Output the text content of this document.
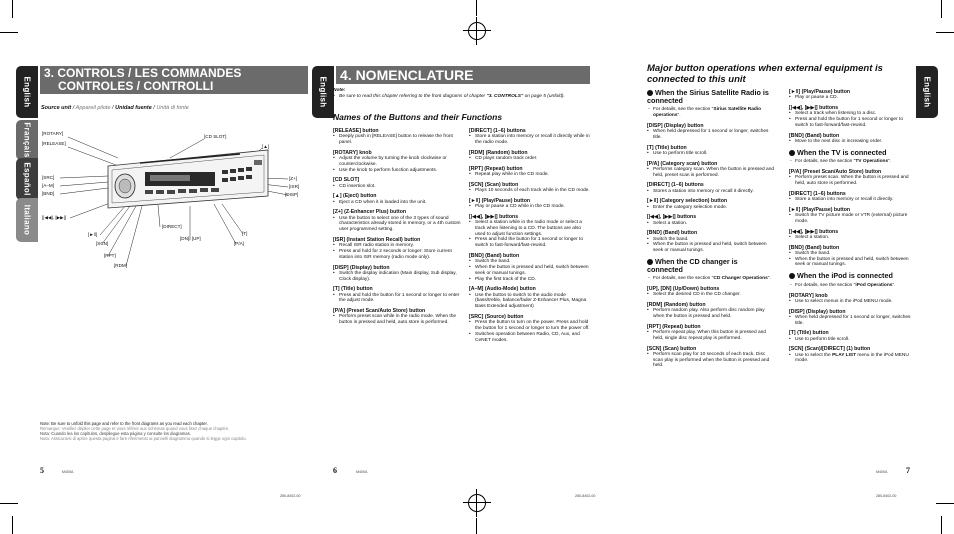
English
Français
Español
Italiano
3. CONTROLS / LES COMMANDES
CONTROLES / CONTROLLI
Source unit / Appareil pilote / Unidad fuente / Unità di fonte
[ROTARY]
[RELEASE]
[CD SLOT]
[▲]
[SRC]
[A–M]
[BND]
[Z+]
[ISR]
[DISP]
[|◀◀], [▶▶|]
[DIRECT]
[►‖]
[SCN]
[RPT]
[RDM]
[DN], [UP]
[T]
[P/A]
Note: Be sure to unfold this page and refer to the front diagrams as you read each chapter.
Remarque: Veuillez déplier cette page et vous référer aux schémas quand vous lisez chaque chapitre.
Nota: Cuando lea los capítulos, despliegue esta página y consulte los diagramas.
Nota: Assicurarsi di aprire questa pagina e fare riferimento ai pannelli diagramma quando si legge ogni capitolo.
5	M400A
280-8402-00
English
4. NOMENCLATURE
Note:
• Be sure to read this chapter referring to the front diagrams of chapter "3. CONTROLS" on page 5 (unfold).
Names of the Buttons and their Functions
[RELEASE] button
• Deeply push in [RELEASE] button to release the front panel.
[ROTARY] knob
• Adjust the volume by turning the knob clockwise or counterclockwise.
• Use the knob to perform function adjustments.
[CD SLOT]
• CD insertion slot.
[▲] (Eject) button
• Eject a CD when it is loaded into the unit.
[Z+] (Z-Enhancer Plus) button
• Use the button to select one of the 3 types of sound characteristics already stored in memory, or a 4th custom user programmed setting.
[ISR] (Instant Station Recall) button
• Recall ISR radio station in memory.
• Press and hold for 2 seconds or longer: Store current station into ISR memory (radio mode only).
[DISP] (Display) button
• Switch the display indication (Main display, Sub display, Clock display).
[T] (Title) button
• Press and hold the button for 1 second or longer to enter the adjust mode.
[P/A] (Preset Scan/Auto Store) button
• Perform preset scan while in the radio mode. When the button is pressed and held, auto store is performed.
[DIRECT] (1–6) buttons
• Store a station into memory or recall it directly while in the radio mode.
[RDM] (Random) button
• CD plays random track order.
[RPT] (Repeat) button
• Repeat play while in the CD mode.
[SCN] (Scan) button
• Plays 10 seconds of each track while in the CD mode.
[►‖] (Play/Pause) button
• Play or pause a CD while in the CD mode.
[|◀◀], [▶▶|] buttons
• Select a station while in the radio mode or select a track when listening to a CD. The buttons are also used to adjust function settings.
• Press and hold the button for 1 second or longer to switch to fast-forward/fast-rewind.
[BND] (Band) button
• Switch the band.
• When the button is pressed and held, switch between seek or manual tunings.
• Play the first track of the CD.
[A–M] (Audio-Mode) button
• Use the button to switch to the audio mode (bass/treble, balance/fader Z-Enhancer Plus, Magna Bass Extended adjustment)
[SRC] (Source) button
• Press the button to turn on the power. Press and hold the button for 1 second or longer to turn the power off.
• Switches operation between Radio, CD, Aux, and CeNET modes.
6	M400A
280-8402-00
Major button operations when external equipment is connected to this unit	English
When the Sirius Satellite Radio is connected
◦ For details, see the section "Sirius Satellite Radio operations".
[DISP] (Display) button
• When held depressed for 1 second or longer, switches title.
[T] (Title) button
• Use to perform title scroll.
[P/A] (Category scan) button
• Performs category scan. When the button is pressed and held, preset scan is performed.
[DIRECT] (1–6) buttons
• Stores a station into memory or recall it directly.
[►‖] (Category selection) button
• Enter the category selection mode.
[|◀◀], [▶▶|] buttons
• Select a station.
[BND] (Band) button
• Switch the band.
• When the button is pressed and held, switch between seek or manual tunings.
When the CD changer is connected
◦ For details, see the section "CD Changer Operations".
[UP], [DN] (Up/Down) buttons
• Select the desired CD in the CD changer.
[RDM] (Random) button
• Perform random play. Also perform disc random play when the button is pressed and held.
[RPT] (Repeat) button
• Perform repeat play. When this button is pressed and held, single disc repeat play is performed.
[SCN] (Scan) button
• Perform scan play for 10 seconds of each track. Disc scan play is performed when the button is pressed and held.
[►‖] (Play/Pause) button
• Play or pause a CD.
[|◀◀], [▶▶|] buttons
• Select a track when listening to a disc.
• Press and hold the button for 1 second or longer to switch to fast-forward/fast-rewind.
[BND] (Band) button
• Move to the next disc in increasing order.
When the TV is connected
◦ For details, see the section "TV Operations".
[P/A] (Preset Scan/Auto Store) button
• Perform preset scan. When the button is pressed and held, auto store is performed.
[DIRECT] (1–6) buttons
• Store a station into memory or recall it directly.
[►‖] (Play/Pause) button
• Switch the TV picture mode or VTR (external) picture mode.
[|◀◀], [▶▶|] buttons
• Select a station.
[BND] (Band) button
• Switch the band.
• When the button is pressed and held, switch between seek or manual tunings.
When the iPod is connected
◦ For details, see the section "iPod Operations".
[ROTARY] knob
• Use to select menus in the iPod MENU mode.
[DISP] (Display) button
• When held depressed for 1 second or longer, switches title.
[T] (Title) button
• Use to perform title scroll.
[SCN] (Scan)/[DIRECT] (1) button
• Use to select the PLAY LIST menu in the iPod MENU mode.
M400A 7
280-8402-00
